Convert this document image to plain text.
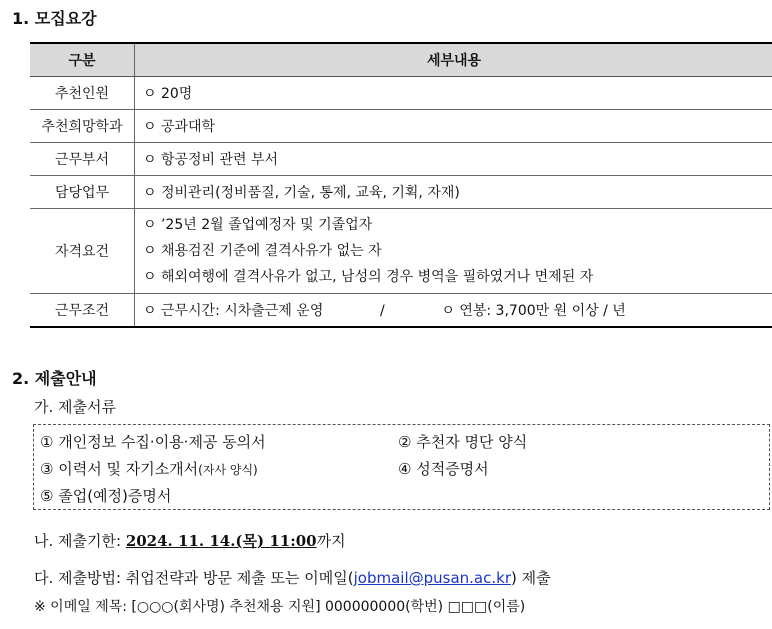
1. 모집요강
구분	세부내용
추천인원	ㅇ 20명
추천희망학과	ㅇ 공과대학
근무부서	ㅇ 항공정비 관련 부서
담당업무	ㅇ 정비관리(정비품질, 기술, 통제, 교육, 기획, 자재)
자격요건	ㅇ ’25년 2월 졸업예정자 및 기졸업자
ㅇ 채용검진 기준에 결격사유가 없는 자
ㅇ 해외여행에 결격사유가 없고, 남성의 경우 병역을 필하였거나 면제된 자

근무조건	ㅇ 근무시간: 시차출근제 운영 / ㅇ 연봉: 3,700만 원 이상 / 년
2. 제출안내
가. 제출서류
① 개인정보 수집·이용·제공 동의서	② 추천자 명단 양식
③ 이력서 및 자기소개서(자사 양식)	④ 성적증명서
⑤ 졸업(예정)증명서
나. 제출기한: 2024. 11. 14.(목) 11:00까지
다. 제출방법: 취업전략과 방문 제출 또는 이메일(jobmail@pusan.ac.kr) 제출
※ 이메일 제목: [○○○(회사명) 추천채용 지원] 000000000(학번) □□□(이름)
